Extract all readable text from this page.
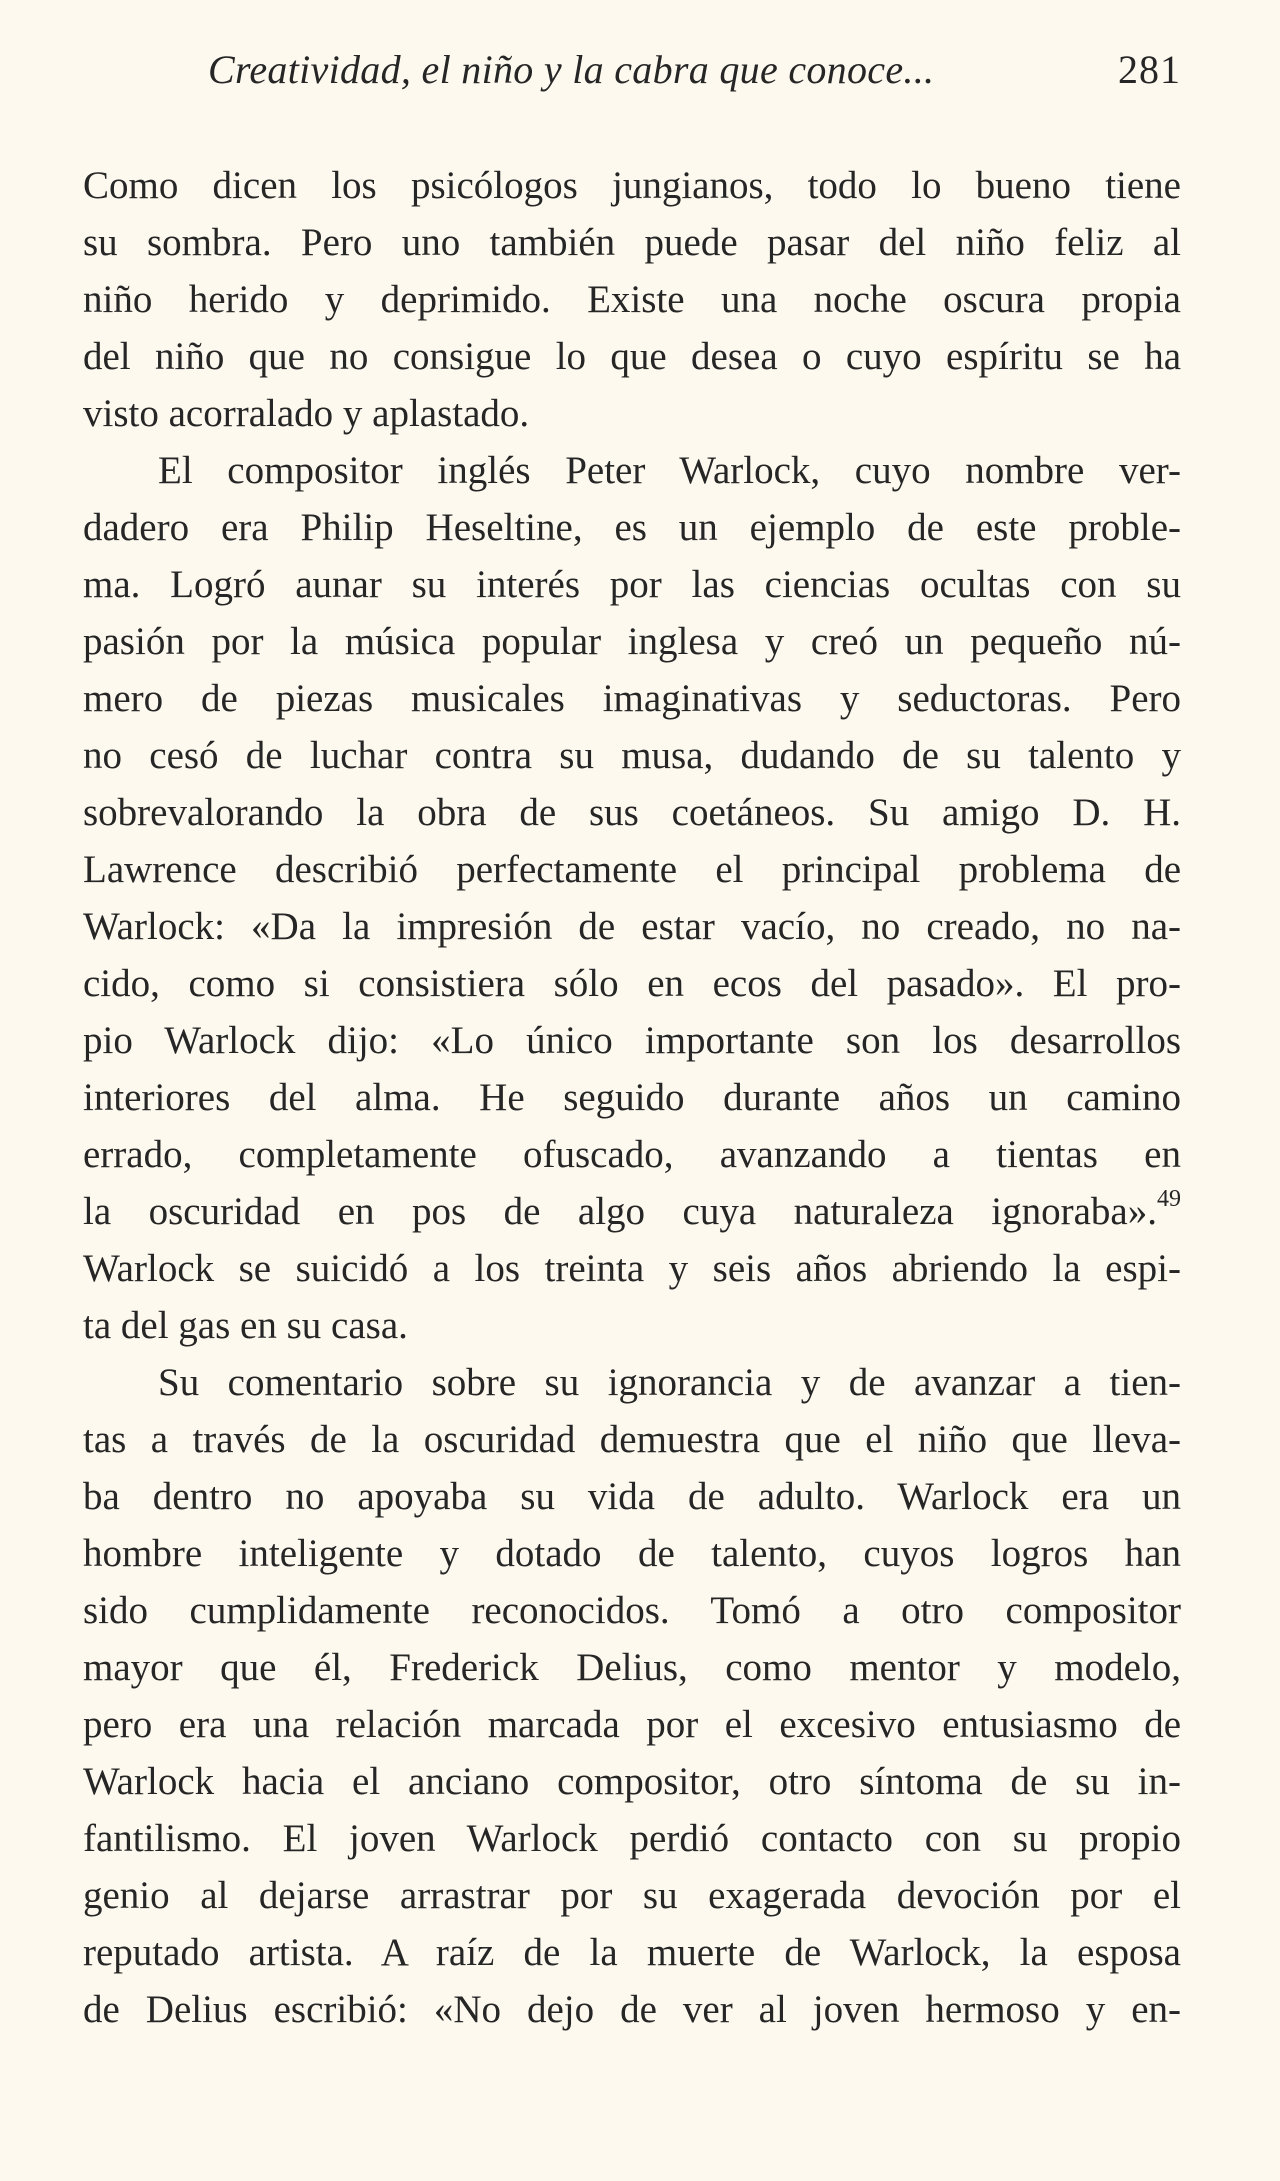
Creatividad, el niño y la cabra que conoce...	281
Como dicen los psicólogos jungianos, todo lo bueno tiene
su sombra. Pero uno también puede pasar del niño feliz al
niño herido y deprimido. Existe una noche oscura propia
del niño que no consigue lo que desea o cuyo espíritu se ha
visto acorralado y aplastado.
El compositor inglés Peter Warlock, cuyo nombre ver-
dadero era Philip Heseltine, es un ejemplo de este proble-
ma. Logró aunar su interés por las ciencias ocultas con su
pasión por la música popular inglesa y creó un pequeño nú-
mero de piezas musicales imaginativas y seductoras. Pero
no cesó de luchar contra su musa, dudando de su talento y
sobrevalorando la obra de sus coetáneos. Su amigo D. H.
Lawrence describió perfectamente el principal problema de
Warlock: «Da la impresión de estar vacío, no creado, no na-
cido, como si consistiera sólo en ecos del pasado». El pro-
pio Warlock dijo: «Lo único importante son los desarrollos
interiores del alma. He seguido durante años un camino
errado, completamente ofuscado, avanzando a tientas en
la oscuridad en pos de algo cuya naturaleza ignoraba».$^{49}$
Warlock se suicidó a los treinta y seis años abriendo la espi-
ta del gas en su casa.
Su comentario sobre su ignorancia y de avanzar a tien-
tas a través de la oscuridad demuestra que el niño que lleva-
ba dentro no apoyaba su vida de adulto. Warlock era un
hombre inteligente y dotado de talento, cuyos logros han
sido cumplidamente reconocidos. Tomó a otro compositor
mayor que él, Frederick Delius, como mentor y modelo,
pero era una relación marcada por el excesivo entusiasmo de
Warlock hacia el anciano compositor, otro síntoma de su in-
fantilismo. El joven Warlock perdió contacto con su propio
genio al dejarse arrastrar por su exagerada devoción por el
reputado artista. A raíz de la muerte de Warlock, la esposa
de Delius escribió: «No dejo de ver al joven hermoso y en-
